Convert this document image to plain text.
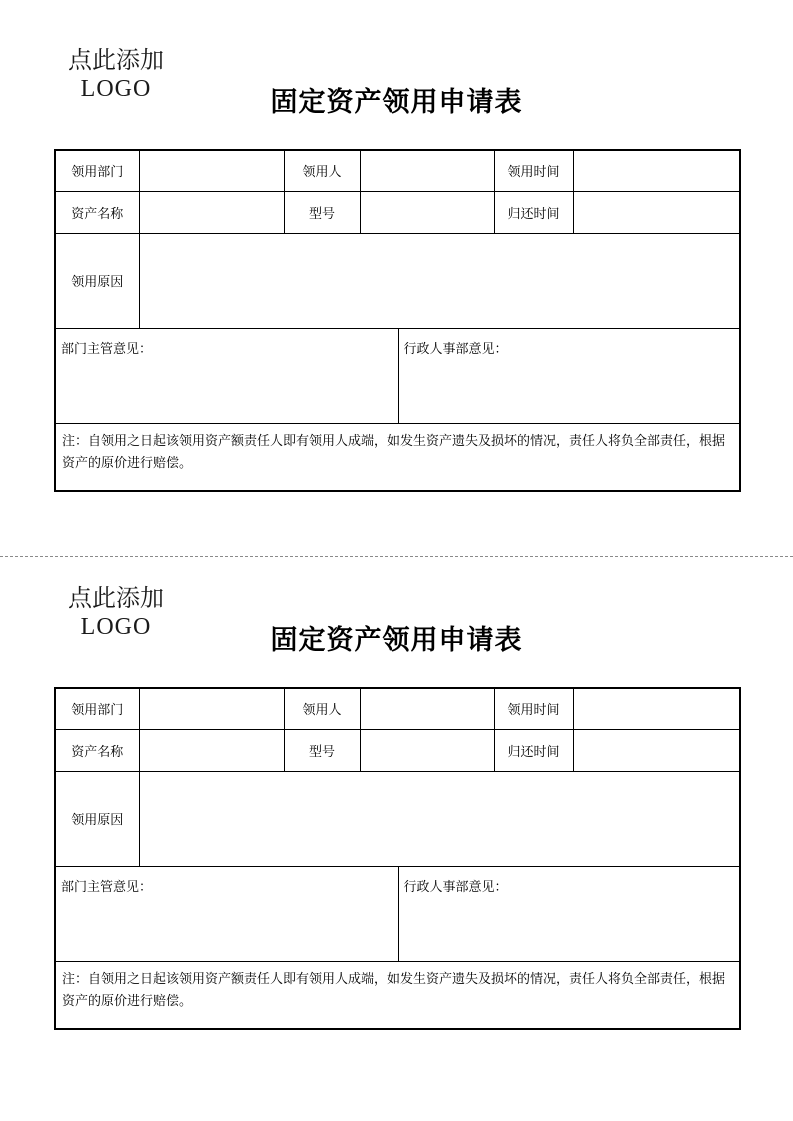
点此添加
LOGO	固定资产领用申请表
领用部门		领用人			领用时间	
资产名称		型号			归还时间	
领用原因						
部门主管意见：				行政人事部意见：		
注：自领用之日起该领用资产额责任人即有领用人成端，如发生资产遗失及损坏的情况，责任人将负全部责任，根据资产的原价进行赔偿。						
点此添加
LOGO	固定资产领用申请表
领用部门		领用人			领用时间	
资产名称		型号			归还时间	
领用原因						
部门主管意见：				行政人事部意见：		
注：自领用之日起该领用资产额责任人即有领用人成端，如发生资产遗失及损坏的情况，责任人将负全部责任，根据资产的原价进行赔偿。						
